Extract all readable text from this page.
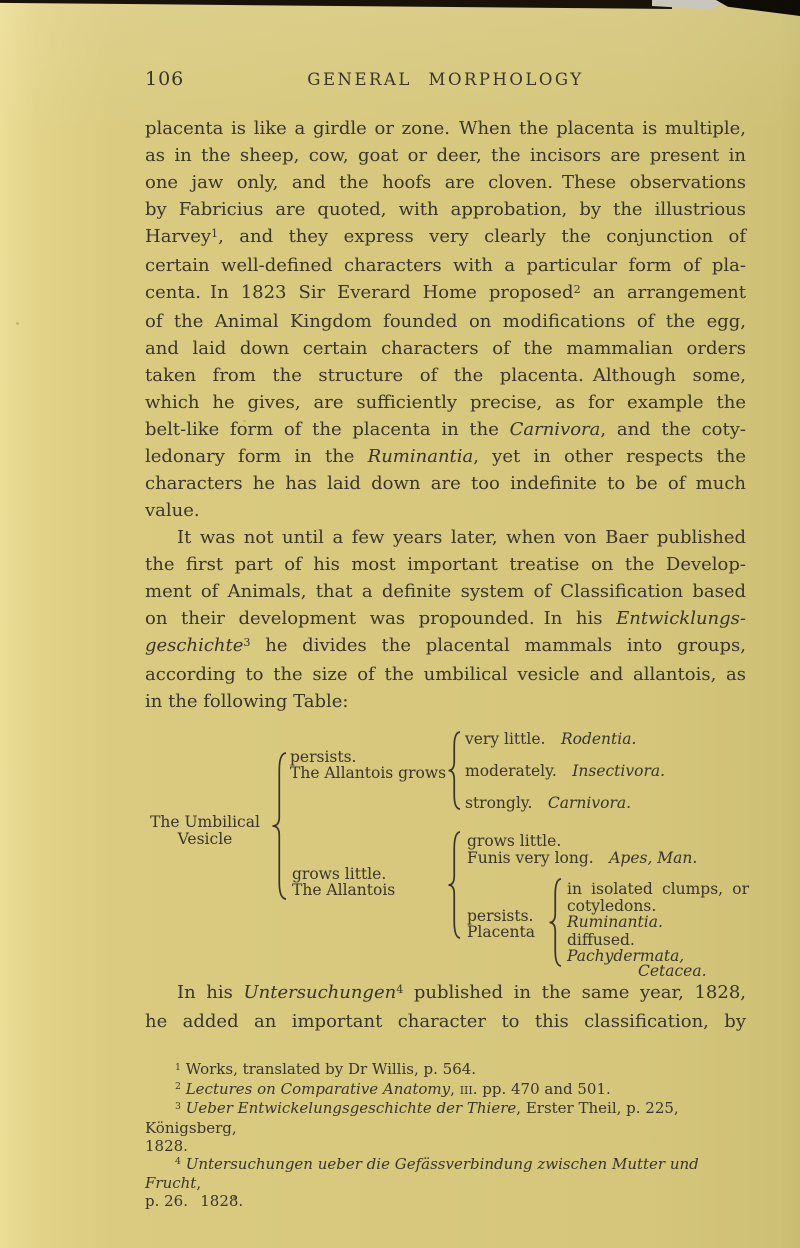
106	GENERAL MORPHOLOGY
placenta is like a girdle or zone. When the placenta is multiple,
as in the sheep, cow, goat or deer, the incisors are present in
one jaw only, and the hoofs are cloven. These observations
by Fabricius are quoted, with approbation, by the illustrious
Harvey$^1$, and they express very clearly the conjunction of
certain well-defined characters with a particular form of pla-
centa. In 1823 Sir Everard Home proposed$^2$ an arrangement
of the Animal Kingdom founded on modifications of the egg,
and laid down certain characters of the mammalian orders
taken from the structure of the placenta. Although some,
which he gives, are sufficiently precise, as for example the
belt-like form of the placenta in the Carnivora, and the coty-
ledonary form in the Ruminantia, yet in other respects the
characters he has laid down are too indefinite to be of much
value.
It was not until a few years later, when von Baer published
the first part of his most important treatise on the Develop-
ment of Animals, that a definite system of Classification based
on their development was propounded. In his Entwicklungs-
geschichte$^3$ he divides the placental mammals into groups,
according to the size of the umbilical vesicle and allantois, as
in the following Table:
The Umbilical
Vesicle
persists.
The Allantois grows
very little.  Rodentia.
moderately.  Insectivora.
strongly.  Carnivora.
grows little.
The Allantois
grows little.
Funis very long.  Apes, Man.
persists.
Placenta
in isolated clumps, or
cotyledons. Ruminantia.
diffused. Pachydermata,
Cetacea.
In his Untersuchungen$^4$ published in the same year, 1828,
he added an important character to this classification, by
$^1$ Works, translated by Dr Willis, p. 564.
$^2$ Lectures on Comparative Anatomy, iii. pp. 470 and 501.
$^3$ Ueber Entwickelungsgeschichte der Thiere, Erster Theil, p. 225, Königsberg,
1828.
$^4$ Untersuchungen ueber die Gefässverbindung zwischen Mutter und Frucht,
p. 26.  1828.
